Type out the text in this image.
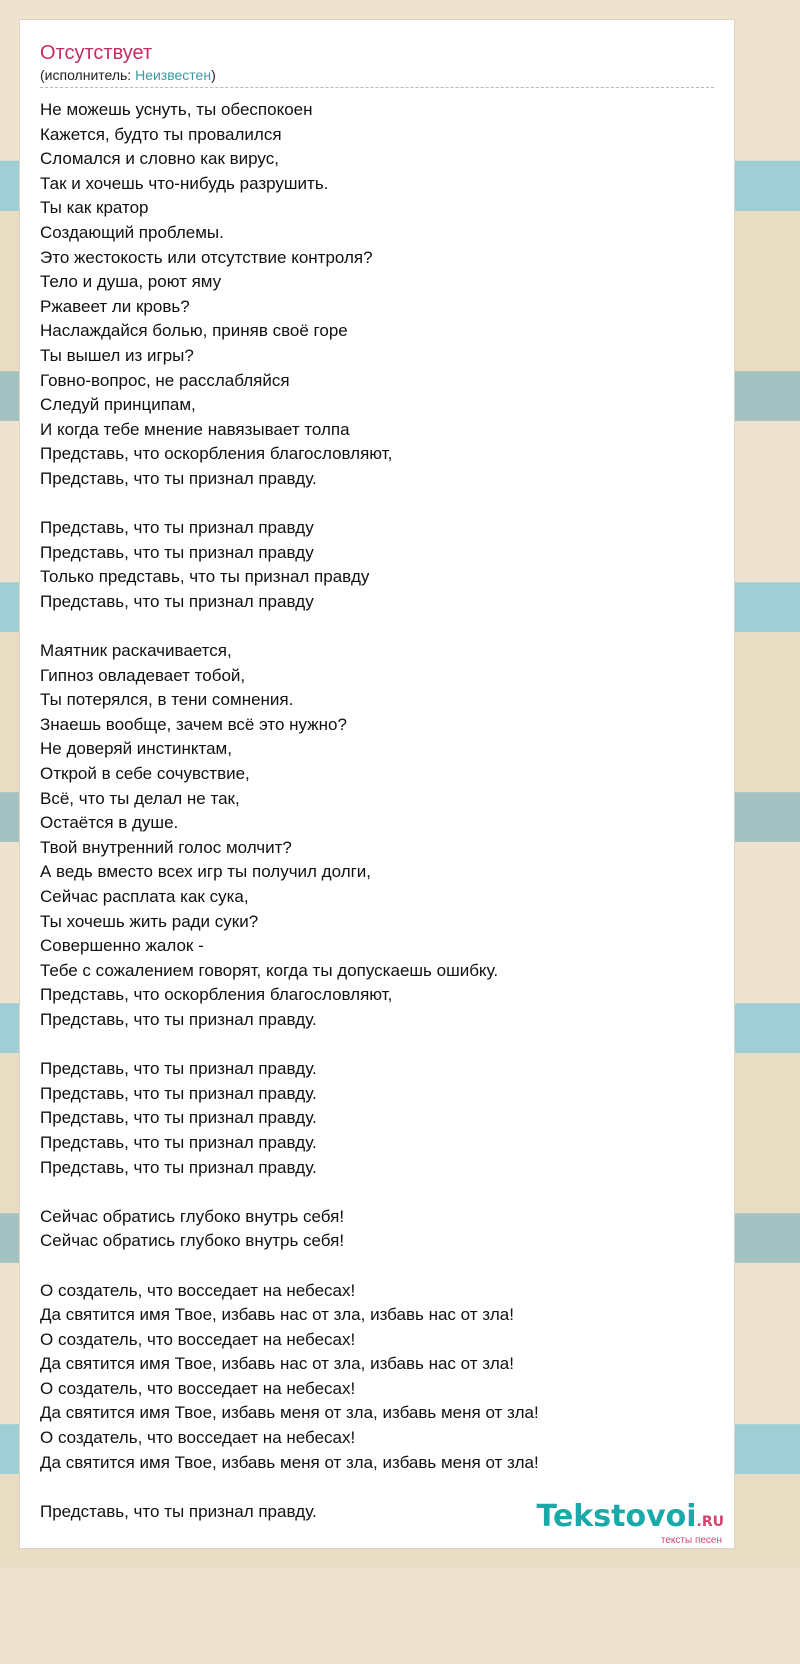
Отсутствует
(исполнитель: Неизвестен)
Не можешь уснуть, ты обеспокоен
Кажется, будто ты провалился
Сломался и словно как вирус,
Так и хочешь что-нибудь разрушить.
Ты как кратор
Создающий проблемы.
Это жестокость или отсутствие контроля?
Тело и душа, роют яму
Ржавеет ли кровь?
Наслаждайся болью, приняв своё горе
Ты вышел из игры?
Говно-вопрос, не расслабляйся
Следуй принципам,
И когда тебе мнение навязывает толпа
Представь, что оскорбления благословляют,
Представь, что ты признал правду.
Представь, что ты признал правду
Представь, что ты признал правду
Только представь, что ты признал правду
Представь, что ты признал правду
Маятник раскачивается,
Гипноз овладевает тобой,
Ты потерялся, в тени сомнения.
Знаешь вообще, зачем всё это нужно?
Не доверяй инстинктам,
Открой в себе сочувствие,
Всё, что ты делал не так,
Остаётся в душе.
Твой внутренний голос молчит?
А ведь вместо всех игр ты получил долги,
Сейчас расплата как сука,
Ты хочешь жить ради суки?
Совершенно жалок -
Тебе с сожалением говорят, когда ты допускаешь ошибку.
Представь, что оскорбления благословляют,
Представь, что ты признал правду.
Представь, что ты признал правду.
Представь, что ты признал правду.
Представь, что ты признал правду.
Представь, что ты признал правду.
Представь, что ты признал правду.
Сейчас обратись глубоко внутрь себя!
Сейчас обратись глубоко внутрь себя!
О создатель, что восседает на небесах!
Да святится имя Твое, избавь нас от зла, избавь нас от зла!
О создатель, что восседает на небесах!
Да святится имя Твое, избавь нас от зла, избавь нас от зла!
О создатель, что восседает на небесах!
Да святится имя Твое, избавь меня от зла, избавь меня от зла!
О создатель, что восседает на небесах!
Да святится имя Твое, избавь меня от зла, избавь меня от зла!
Представь, что ты признал правду.	Tekstovoi.RU
тексты песен
